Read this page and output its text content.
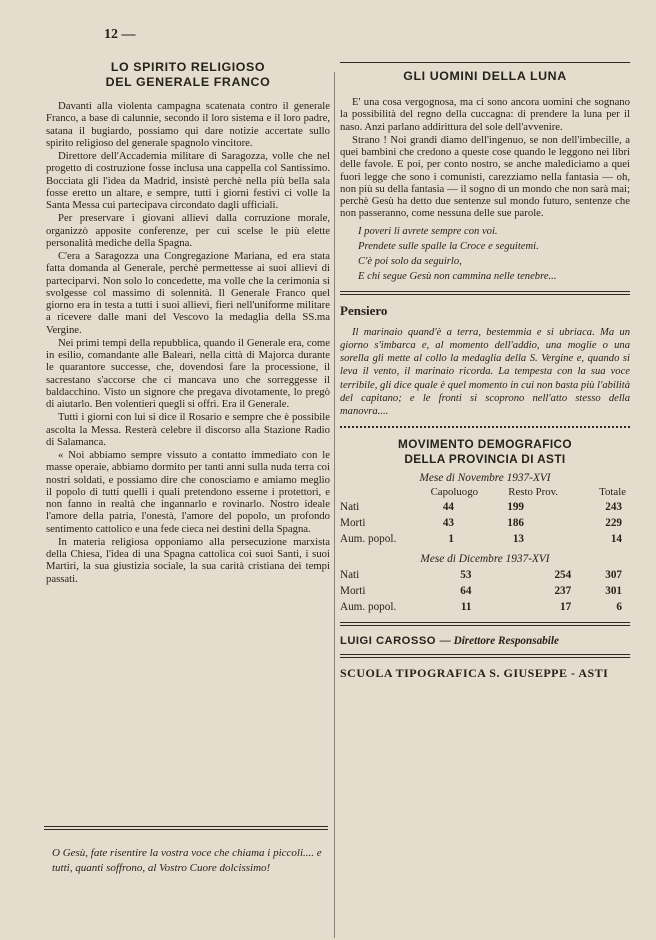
12 —
LO SPIRITO RELIGIOSO
DEL GENERALE FRANCO

Davanti alla violenta campagna scatenata contro il generale Franco, a base di calunnie, secondo il loro sistema e il loro padre, satana il bugiardo, possiamo qui dare notizie accertate sullo spirito religioso del generale spagnolo vincitore.

Direttore dell'Accademia militare di Saragozza, volle che nel progetto di costruzione fosse inclusa una cappella col Santissimo. Bocciata gli l'idea da Madrid, insistè perchè nella più bella sala fosse eretto un altare, e sempre, tutti i giorni festivi ci volle la Santa Messa cui partecipava circondato dagli ufficiali.

Per preservare i giovani allievi dalla corruzione morale, organizzò apposite conferenze, per cui scelse le più elette personalità mediche della Spagna.

C'era a Saragozza una Congregazione Mariana, ed era stata fatta domanda al Generale, perchè permettesse ai suoi allievi di parteciparvi. Non solo lo concedette, ma volle che la cerimonia si svolgesse col massimo di solennità. Il Generale Franco quel giorno era in testa a tutti i suoi allievi, fieri nell'uniforme militare a ricevere dalle mani del Vescovo la medaglia della SS.ma Vergine.

Nei primi tempi della repubblica, quando il Generale era, come in esilio, comandante alle Baleari, nella città di Majorca durante le quarantore successe, che, dovendosi fare la processione, il sacrestano s'accorse che ci mancava uno che sorreggesse il baldacchino. Visto un signore che pregava divotamente, lo pregò di aiutarlo. Ben volentieri quegli si offrì. Era il Generale.

Tutti i giorni con lui si dice il Rosario e sempre che è possibile ascolta la Messa. Resterà celebre il discorso alla Stazione Radio di Salamanca.

« Noi abbiamo sempre vissuto a contatto immediato con le masse operaie, abbiamo dormito per tanti anni sulla nuda terra coi nostri soldati, e possiamo dire che conosciamo e amiamo meglio il popolo di tutti quelli i quali pretendono esserne i protettori, e non fanno in realtà che ingannarlo e rovinarlo. Nostro ideale l'amore della patria, l'onestà, l'amore del popolo, un profondo sentimento cattolico e una fede cieca nei destini della Spagna.

In materia religiosa opponiamo alla persecuzione marxista della Chiesa, l'idea di una Spagna cattolica coi suoi Santi, i suoi Martiri, la sua giustizia sociale, la sua carità cristiana dei tempi passati.

O Gesù, fate risentire la vostra voce che chiama i piccoli.... e tutti, quanti soffrono, al Vostro Cuore dolcissimo!
GLI UOMINI DELLA LUNA

E' una cosa vergognosa, ma ci sono ancora uomini che sognano la possibilità del regno della cuccagna: di prendere la luna per il naso. Anzi parlano addirittura del sole dell'avvenire.

Strano ! Noi grandi diamo dell'ingenuo, se non dell'imbecille, a quei bambini che credono a queste cose quando le leggono nei libri delle favole. E poi, per conto nostro, se anche malediciamo a quei fuori legge che sono i comunisti, carezziamo nella fantasia — oh, non più su della fantasia — il sogno di un mondo che non sarà mai; perchè Gesù ha detto due sentenze sul mondo futuro, sentenze che non passeranno, come nessuna delle sue parole.

I poveri li avrete sempre con voi.

Prendete sulle spalle la Croce e seguitemi.

C'è poi solo da seguirlo,

E chi segue Gesù non cammina nelle tenebre...

Pensiero

Il marinaio quand'è a terra, bestemmia e si ubriaca. Ma un giorno s'imbarca e, al momento dell'addio, una moglie o una sorella gli mette al collo la medaglia della S. Vergine e, quando si leva il vento, il marinaio ricorda. La tempesta con la sua voce terribile, gli dice quale è quel momento in cui non basta più l'abilità del capitano; e le fronti si scoprono nell'atto stesso della manovra....

MOVIMENTO DEMOGRAFICO
DELLA PROVINCIA DI ASTI

Mese di Novembre 1937-XVI

	Capoluogo	Resto Prov.	Totale
Nati	44	199	243
Morti	43	186	229
Aum. popol.	1	13	14

Mese di Dicembre 1937-XVI

Nati	53	254	307
Morti	64	237	301
Aum. popol.	11	17	6
LUIGI CAROSSO — Direttore Responsabile
SCUOLA TIPOGRAFICA S. GIUSEPPE - ASTI
